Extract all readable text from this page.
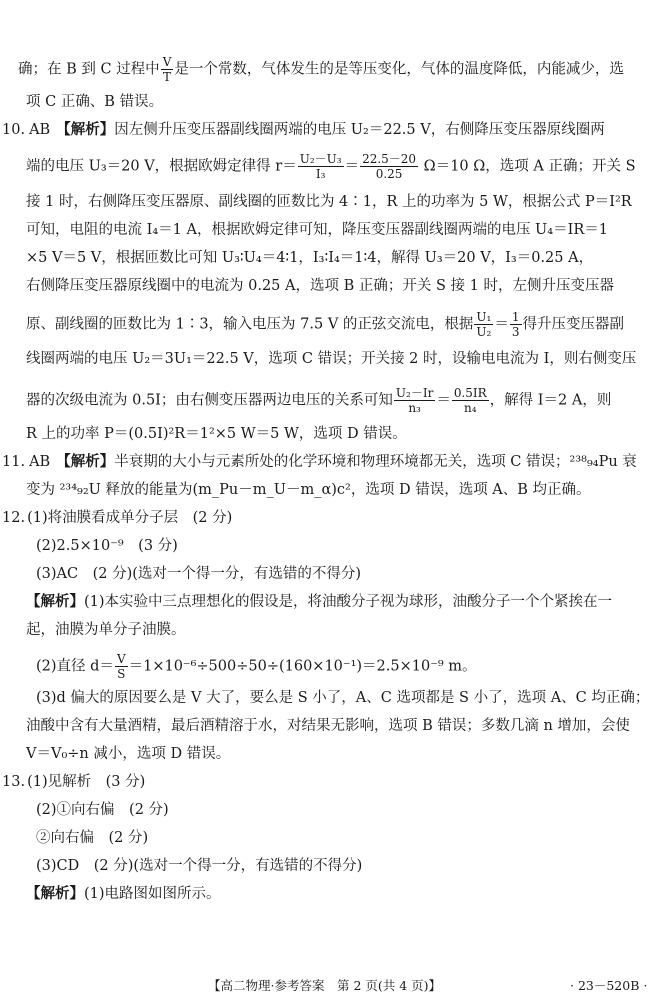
确；在 B 到 C 过程中 $\frac{V}{T}$ 是一个常数，气体发生的是等压变化，气体的温度降低，内能减少，选
项 C 正确、B 错误。
10. AB 【解析】因左侧升压变压器副线圈两端的电压 U₂＝22.5 V，右侧降压变压器原线圈两
端的电压 U₃＝20 V，根据欧姆定律得 $r= \frac{\text{U₂－U₃}}{\text{I₃}} = \frac{22.5-20}{0.25} \Omega=10$ Ω，选项 A 正确；开关 S
接 1 时，右侧降压变压器原、副线圈的匝数比为 4∶1，R 上的功率为 5 W，根据公式 P＝I²R
可知，电阻的电流 I₄＝1 A，根据欧姆定律可知，降压变压器副线圈两端的电压 U₄＝IR＝1
×5 V＝5 V，根据匝数比可知 U₃∶U₄＝4∶1，I₃∶I₄＝1∶4，解得 U₃＝20 V，I₃＝0.25 A，
右侧降压变压器原线圈中的电流为 0.25 A，选项 B 正确；开关 S 接 1 时，左侧升压变压器
原、副线圈的匝数比为 1∶3，输入电压为 7.5 V 的正弦交流电，根据 $\frac{\text{U₁}}{\text{U₂}} = \frac{1}{3}$ 得升压变压器副
线圈两端的电压 U₂＝3U₁＝22.5 V，选项 C 错误；开关接 2 时，设输电电流为 I，则右侧变压
器的次级电流为 0.5I；由右侧变压器两边电压的关系可知 $\frac{\text{U₂－Ir}}{\text{n₃}} = \frac{0.5IR}{\text{n₄}}$ ，解得 I＝2 A，则
R 上的功率 P＝(0.5I)²R＝1²×5 W＝5 W，选项 D 错误。
11. AB 【解析】半衰期的大小与元素所处的化学环境和物理环境都无关，选项 C 错误；²³⁸₉₄Pu 衰
变为 ²³⁴₉₂U 释放的能量为(m_Pu－m_U－m_α)c²，选项 D 错误，选项 A、B 均正确。
12. (1)将油膜看成单分子层　(2 分)
(2)2.5×10⁻⁹　(3 分)
(3)AC　(2 分)(选对一个得一分，有选错的不得分)
【解析】(1)本实验中三点理想化的假设是，将油酸分子视为球形，油酸分子一个个紧挨在一
起，油膜为单分子油膜。
(2)直径 $d= \frac{V}{S} =1\times 10^{-6}\div 500\div 50\div(160\times 10^{-1})=2.5\times 10^{-9}$ m。
(3)d 偏大的原因要么是 V 大了，要么是 S 小了，A、C 选项都是 S 小了，选项 A、C 均正确；
油酸中含有大量酒精，最后酒精溶于水，对结果无影响，选项 B 错误；多数几滴 n 增加，会使
V＝V₀÷n 减小，选项 D 错误。
13. (1)见解析　(3 分)
(2)①向右偏　(2 分)
②向右偏　(2 分)
(3)CD　(2 分)(选对一个得一分，有选错的不得分)
【解析】(1)电路图如图所示。
【高二物理·参考答案　第 2 页(共 4 页)】	· 23－520B ·
